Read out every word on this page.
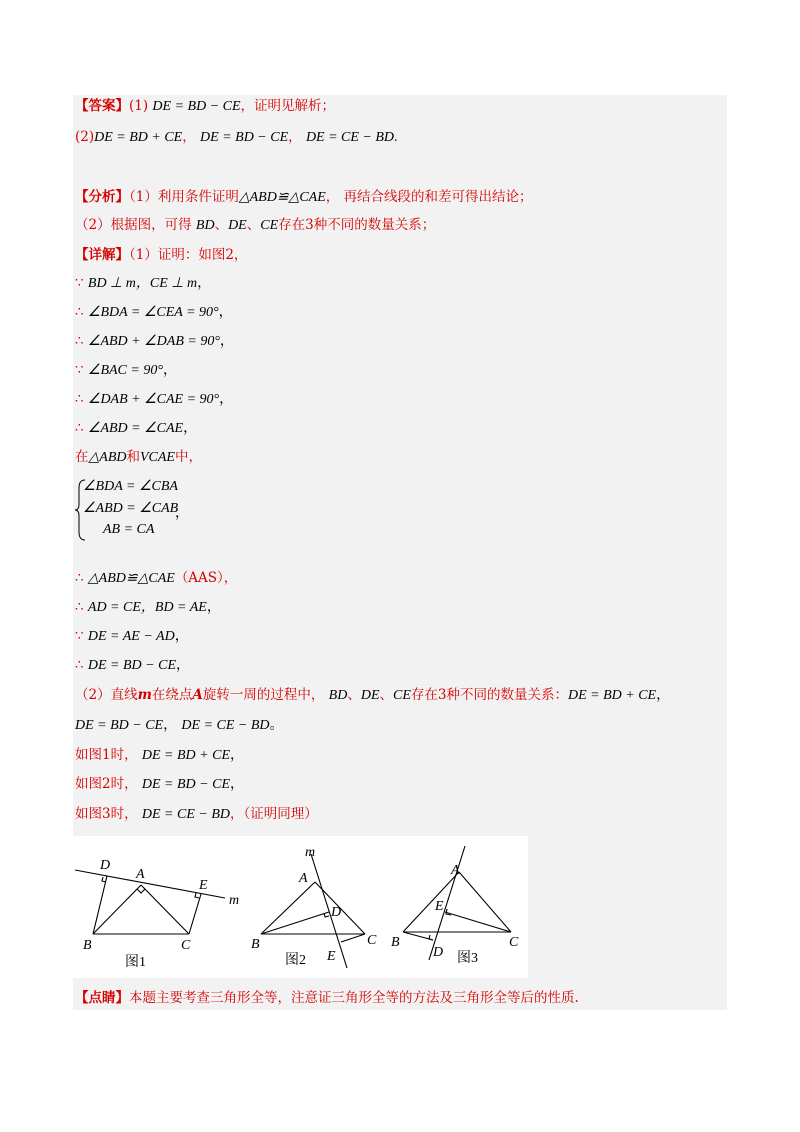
【答案】(1) DE = BD − CE，证明见解析；
(2)DE = BD + CE， DE = BD − CE， DE = CE − BD.
【分析】（1）利用条件证明△ABD≌△CAE， 再结合线段的和差可得出结论；
（2）根据图，可得 BD、DE、CE存在3种不同的数量关系；
【详解】（1）证明：如图2，
∵ BD ⊥ m，CE ⊥ m，
∴ ∠BDA = ∠CEA = 90°，
∴ ∠ABD + ∠DAB = 90°，
∵ ∠BAC = 90°，
∴ ∠DAB + ∠CAE = 90°，
∴ ∠ABD = ∠CAE，
在△ABD和VCAE中，
∠BDA = ∠CBA
∠ABD = ∠CAB
AB = CA
，
∴ △ABD≌△CAE（AAS），
∴ AD = CE，BD = AE，
∵ DE = AE − AD，
∴ DE = BD − CE，
（2）直线m在绕点A旋转一周的过程中， BD、DE、CE存在3种不同的数量关系：DE = BD + CE，
DE = BD − CE， DE = CE − BD。
如图1时， DE = BD + CE，
如图2时， DE = BD − CE，
如图3时， DE = CE − BD，（证明同理）
D
A
E
m
B	C
图1
m
A
D
B	C
E
图2
A
E
B
D
C
图3
【点睛】本题主要考查三角形全等，注意证三角形全等的方法及三角形全等后的性质.
